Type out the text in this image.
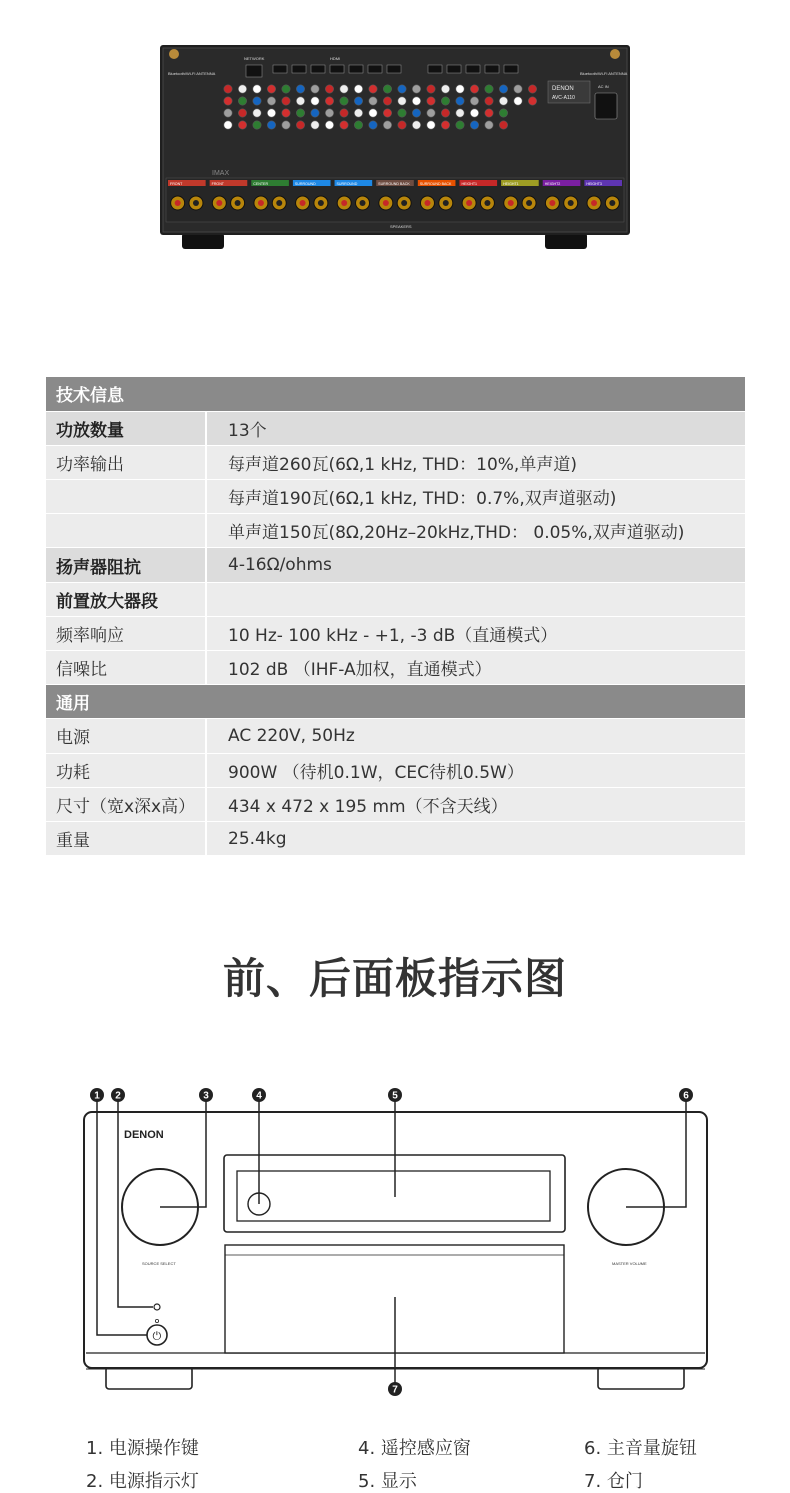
Bluetooth/Wi-Fi ANTENNA	Bluetooth/Wi-Fi ANTENNA
NETWORK	HDMI
DENON
AVC-A110
AC IN
IMAX
FRONT	FRONT	CENTER	SURROUND	SURROUND	SURROUND BACK	SURROUND BACK	HEIGHT1	HEIGHT1	HEIGHT2	HEIGHT3
SPEAKERS
技术信息	
功放数量	13个
功率输出	每声道260瓦(6Ω,1 kHz, THD：10%,单声道)
	每声道190瓦(6Ω,1 kHz, THD：0.7%,双声道驱动)
	单声道150瓦(8Ω,20Hz–20kHz,THD： 0.05%,双声道驱动)
扬声器阻抗	4-16Ω/ohms
前置放大器段	
频率响应	10 Hz- 100 kHz - +1, -3 dB（直通模式）
信噪比	102 dB （IHF-A加权，直通模式）
通用	
电源	AC 220V, 50Hz
功耗	900W （待机0.1W，CEC待机0.5W）
尺寸（宽x深x高）	434 x 472 x 195 mm（不含天线）
重量	25.4kg
前、后面板指示图
DENON
SOURCE SELECT	MASTER VOLUME
⏻
1 2	3	4	5	6
7
1. 电源操作键
2. 电源指示灯
4. 遥控感应窗
5. 显示
6. 主音量旋钮
7. 仓门
